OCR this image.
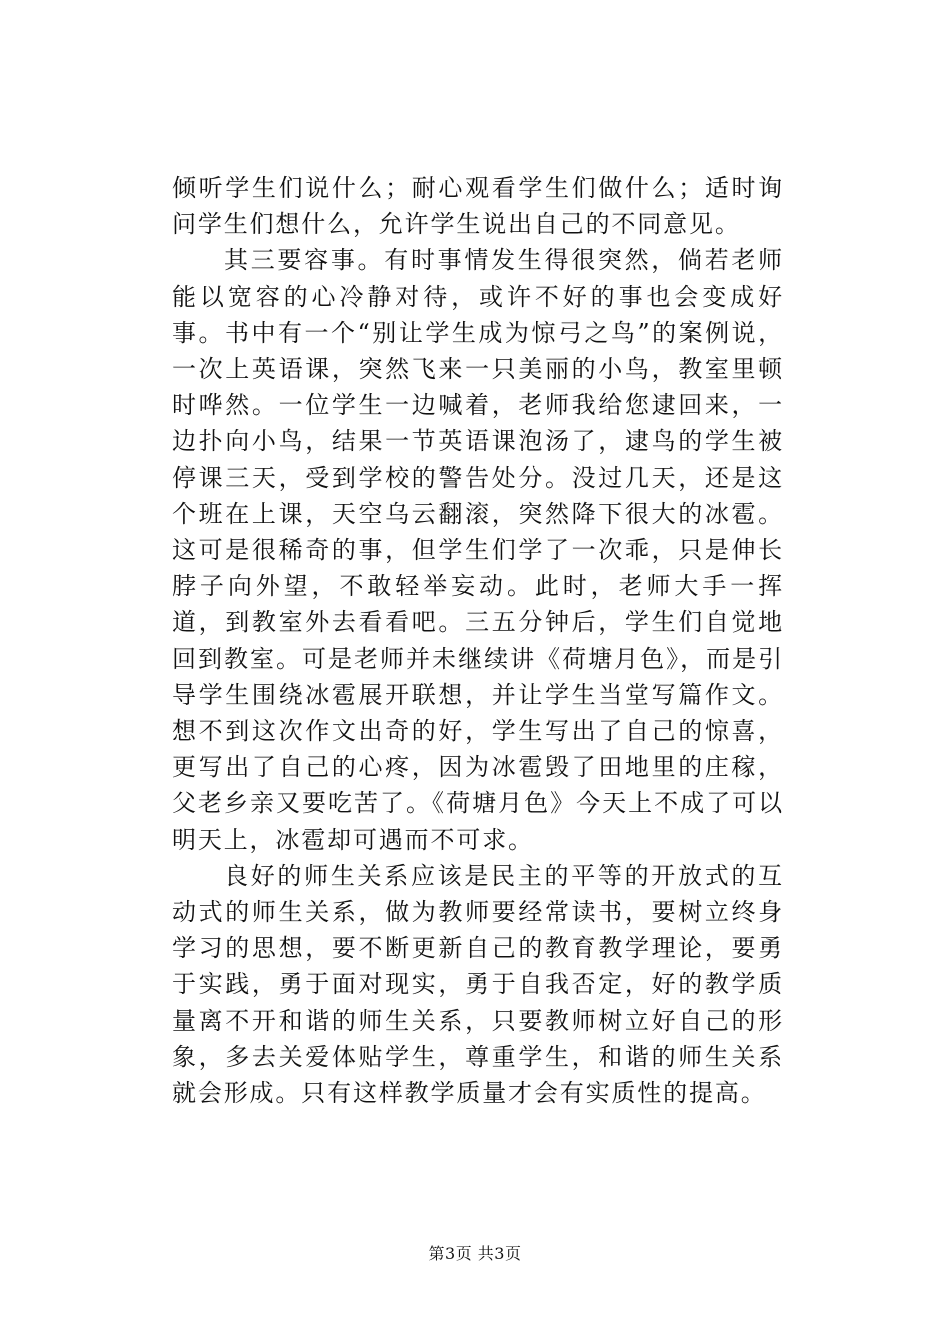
倾听学生们说什么；耐心观看学生们做什么；适时询问学生们想什么，允许学生说出自己的不同意见。

其三要容事。有时事情发生得很突然，倘若老师能以宽容的心冷静对待，或许不好的事也会变成好事。书中有一个“别让学生成为惊弓之鸟”的案例说，一次上英语课，突然飞来一只美丽的小鸟，教室里顿时哗然。一位学生一边喊着，老师我给您逮回来，一边扑向小鸟，结果一节英语课泡汤了，逮鸟的学生被停课三天，受到学校的警告处分。没过几天，还是这个班在上课，天空乌云翻滚，突然降下很大的冰雹。这可是很稀奇的事，但学生们学了一次乖，只是伸长脖子向外望，不敢轻举妄动。此时，老师大手一挥道，到教室外去看看吧。三五分钟后，学生们自觉地回到教室。可是老师并未继续讲《荷塘月色》，而是引导学生围绕冰雹展开联想，并让学生当堂写篇作文。想不到这次作文出奇的好，学生写出了自己的惊喜，更写出了自己的心疼，因为冰雹毁了田地里的庄稼，父老乡亲又要吃苦了。《荷塘月色》今天上不成了可以明天上，冰雹却可遇而不可求。

良好的师生关系应该是民主的平等的开放式的互动式的师生关系，做为教师要经常读书，要树立终身学习的思想，要不断更新自己的教育教学理论，要勇于实践，勇于面对现实，勇于自我否定，好的教学质量离不开和谐的师生关系，只要教师树立好自己的形象，多去关爱体贴学生，尊重学生，和谐的师生关系就会形成。只有这样教学质量才会有实质性的提高。

第3页 共3页
